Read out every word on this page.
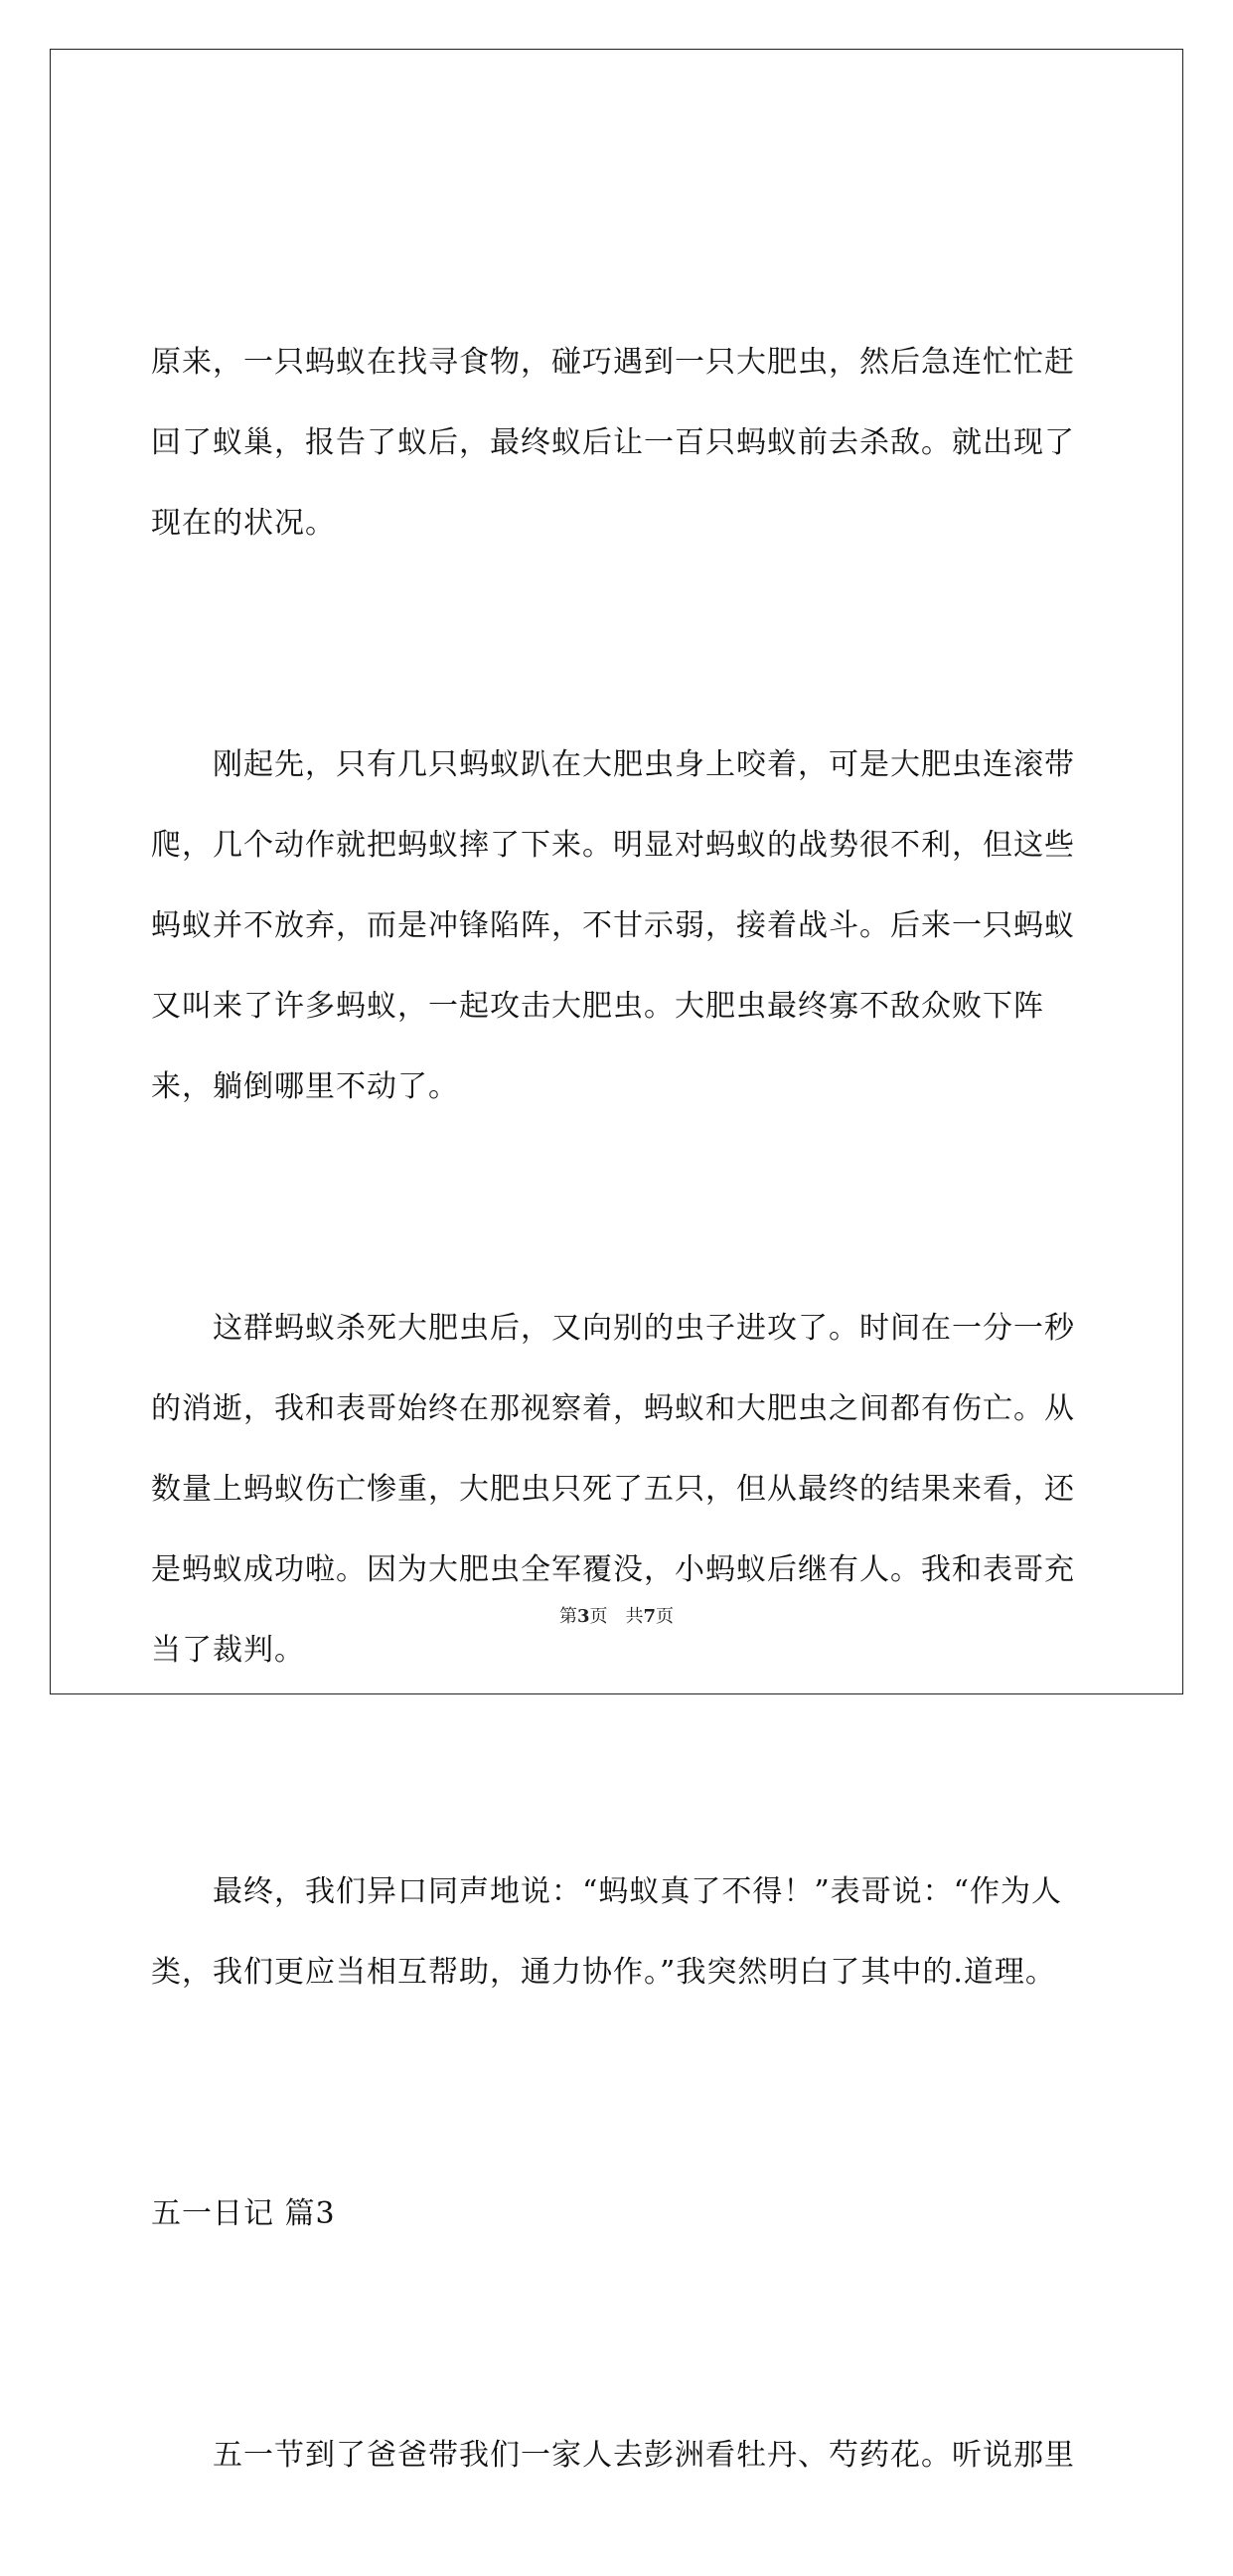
原来，一只蚂蚁在找寻食物，碰巧遇到一只大肥虫，然后急连忙忙赶回了蚁巢，报告了蚁后，最终蚁后让一百只蚂蚁前去杀敌。就出现了现在的状况。

　　刚起先，只有几只蚂蚁趴在大肥虫身上咬着，可是大肥虫连滚带爬，几个动作就把蚂蚁摔了下来。明显对蚂蚁的战势很不利，但这些蚂蚁并不放弃，而是冲锋陷阵，不甘示弱，接着战斗。后来一只蚂蚁又叫来了许多蚂蚁，一起攻击大肥虫。大肥虫最终寡不敌众败下阵来，躺倒哪里不动了。

　　这群蚂蚁杀死大肥虫后，又向别的虫子进攻了。时间在一分一秒的消逝，我和表哥始终在那视察着，蚂蚁和大肥虫之间都有伤亡。从数量上蚂蚁伤亡惨重，大肥虫只死了五只，但从最终的结果来看，还是蚂蚁成功啦。因为大肥虫全军覆没，小蚂蚁后继有人。我和表哥充当了裁判。

　　最终，我们异口同声地说：“蚂蚁真了不得！”表哥说：“作为人类，我们更应当相互帮助，通力协作。”我突然明白了其中的.道理。

五一日记 篇3

　　五一节到了爸爸带我们一家人去彭洲看牡丹、芍药花。听说那里

第3页　共7页
